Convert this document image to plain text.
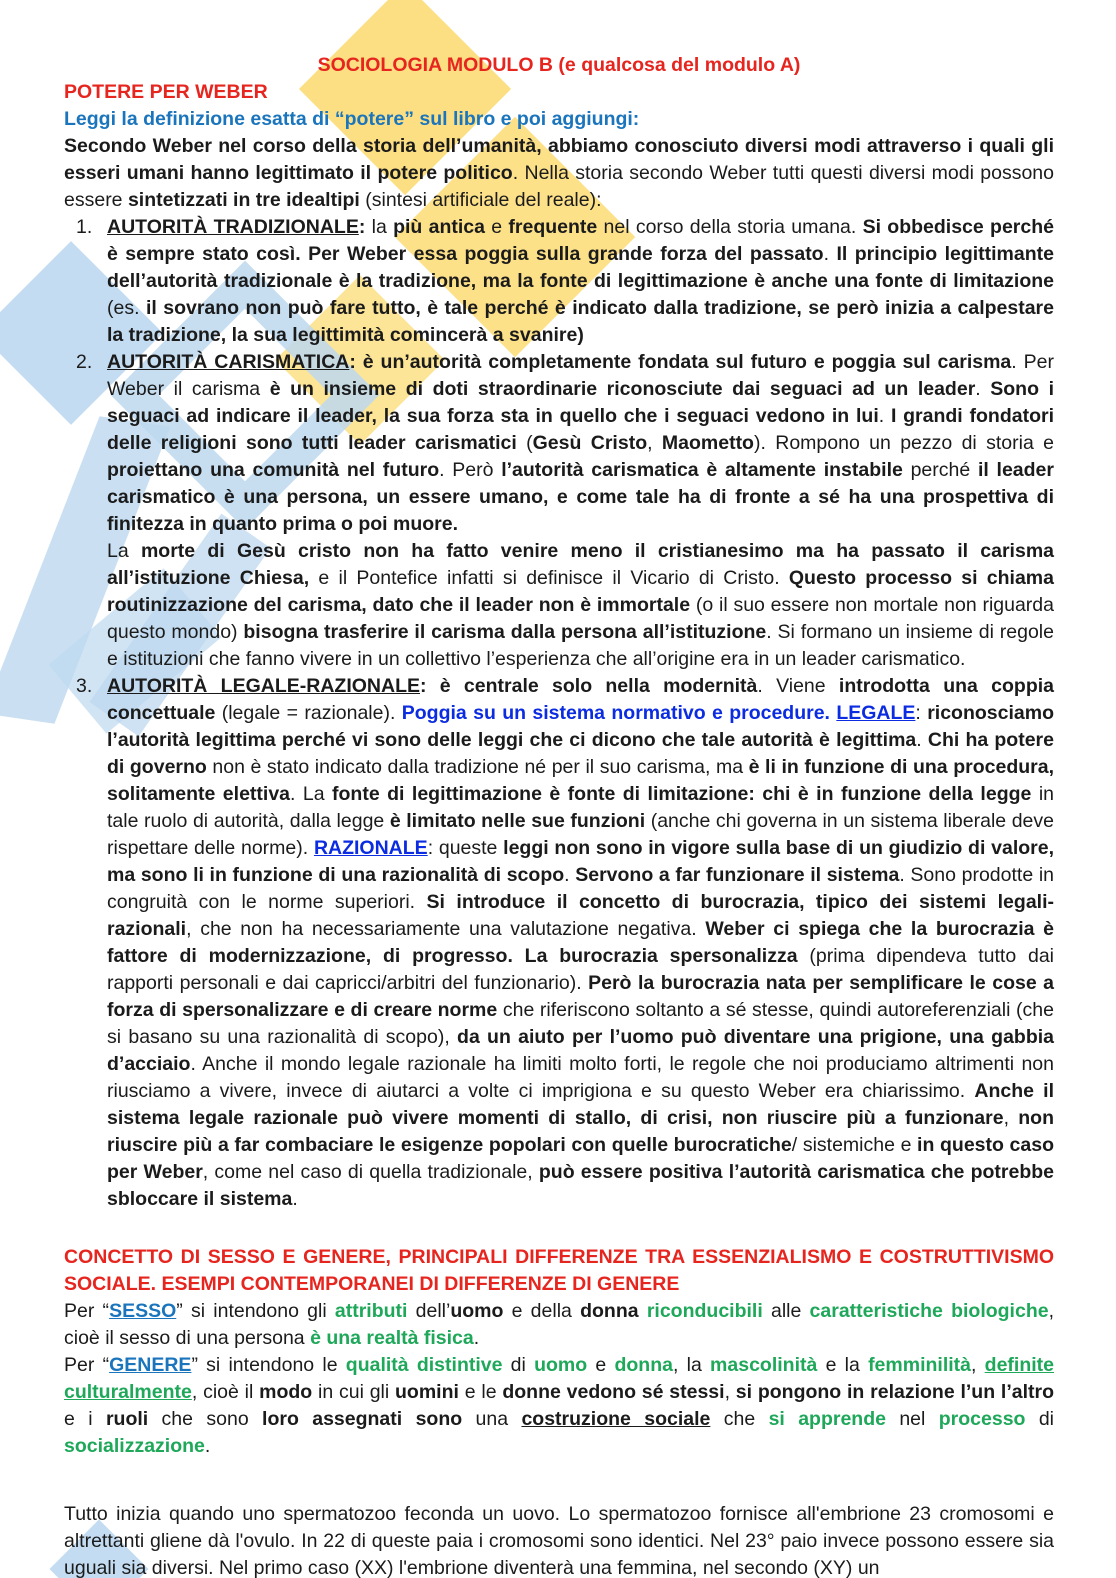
SOCIOLOGIA MODULO B (e qualcosa del modulo A)

POTERE PER WEBER

Leggi la definizione esatta di “potere” sul libro e poi aggiungi:

Secondo Weber nel corso della storia dell’umanità, abbiamo conosciuto diversi modi attraverso i quali gli esseri umani hanno legittimato il potere politico. Nella storia secondo Weber tutti questi diversi modi possono essere sintetizzati in tre idealtipi (sintesi artificiale del reale):

1. AUTORITÀ TRADIZIONALE: la più antica e frequente nel corso della storia umana. Si obbedisce perché è sempre stato così. Per Weber essa poggia sulla grande forza del passato. Il principio legittimante dell’autorità tradizionale è la tradizione, ma la fonte di legittimazione è anche una fonte di limitazione (es. il sovrano non può fare tutto, è tale perché è indicato dalla tradizione, se però inizia a calpestare la tradizione, la sua legittimità comincerà a svanire)

2. AUTORITÀ CARISMATICA: è un’autorità completamente fondata sul futuro e poggia sul carisma. Per Weber il carisma è un insieme di doti straordinarie riconosciute dai seguaci ad un leader. Sono i seguaci ad indicare il leader, la sua forza sta in quello che i seguaci vedono in lui. I grandi fondatori delle religioni sono tutti leader carismatici (Gesù Cristo, Maometto). Rompono un pezzo di storia e proiettano una comunità nel futuro. Però l’autorità carismatica è altamente instabile perché il leader carismatico è una persona, un essere umano, e come tale ha di fronte a sé ha una prospettiva di finitezza in quanto prima o poi muore.

La morte di Gesù cristo non ha fatto venire meno il cristianesimo ma ha passato il carisma all’istituzione Chiesa, e il Pontefice infatti si definisce il Vicario di Cristo. Questo processo si chiama routinizzazione del carisma, dato che il leader non è immortale (o il suo essere non mortale non riguarda questo mondo) bisogna trasferire il carisma dalla persona all’istituzione. Si formano un insieme di regole e istituzioni che fanno vivere in un collettivo l’esperienza che all’origine era in un leader carismatico.

3. AUTORITÀ LEGALE-RAZIONALE: è centrale solo nella modernità. Viene introdotta una coppia concettuale (legale = razionale). Poggia su un sistema normativo e procedure. LEGALE: riconosciamo l’autorità legittima perché vi sono delle leggi che ci dicono che tale autorità è legittima. Chi ha potere di governo non è stato indicato dalla tradizione né per il suo carisma, ma è li in funzione di una procedura, solitamente elettiva. La fonte di legittimazione è fonte di limitazione: chi è in funzione della legge in tale ruolo di autorità, dalla legge è limitato nelle sue funzioni (anche chi governa in un sistema liberale deve rispettare delle norme). RAZIONALE: queste leggi non sono in vigore sulla base di un giudizio di valore, ma sono li in funzione di una razionalità di scopo. Servono a far funzionare il sistema. Sono prodotte in congruità con le norme superiori. Si introduce il concetto di burocrazia, tipico dei sistemi legali-razionali, che non ha necessariamente una valutazione negativa. Weber ci spiega che la burocrazia è fattore di modernizzazione, di progresso. La burocrazia spersonalizza (prima dipendeva tutto dai rapporti personali e dai capricci/arbitri del funzionario). Però la burocrazia nata per semplificare le cose a forza di spersonalizzare e di creare norme che riferiscono soltanto a sé stesse, quindi autoreferenziali (che si basano su una razionalità di scopo), da un aiuto per l’uomo può diventare una prigione, una gabbia d’acciaio. Anche il mondo legale razionale ha limiti molto forti, le regole che noi produciamo altrimenti non riusciamo a vivere, invece di aiutarci a volte ci imprigiona e su questo Weber era chiarissimo. Anche il sistema legale razionale può vivere momenti di stallo, di crisi, non riuscire più a funzionare, non riuscire più a far combaciare le esigenze popolari con quelle burocratiche/ sistemiche e in questo caso per Weber, come nel caso di quella tradizionale, può essere positiva l’autorità carismatica che potrebbe sbloccare il sistema.

CONCETTO DI SESSO E GENERE, PRINCIPALI DIFFERENZE TRA ESSENZIALISMO E COSTRUTTIVISMO SOCIALE. ESEMPI CONTEMPORANEI DI DIFFERENZE DI GENERE

Per “SESSO” si intendono gli attributi dell’uomo e della donna riconducibili alle caratteristiche biologiche, cioè il sesso di una persona è una realtà fisica.

Per “GENERE” si intendono le qualità distintive di uomo e donna, la mascolinità e la femminilità, definite culturalmente, cioè il modo in cui gli uomini e le donne vedono sé stessi, si pongono in relazione l’un l’altro e i ruoli che sono loro assegnati sono una costruzione sociale che si apprende nel processo di socializzazione.

Tutto inizia quando uno spermatozoo feconda un uovo. Lo spermatozoo fornisce all'embrione 23 cromosomi e altrettanti gliene dà l'ovulo. In 22 di queste paia i cromosomi sono identici. Nel 23° paio invece possono essere sia uguali sia diversi. Nel primo caso (XX) l'embrione diventerà una femmina, nel secondo (XY) un
